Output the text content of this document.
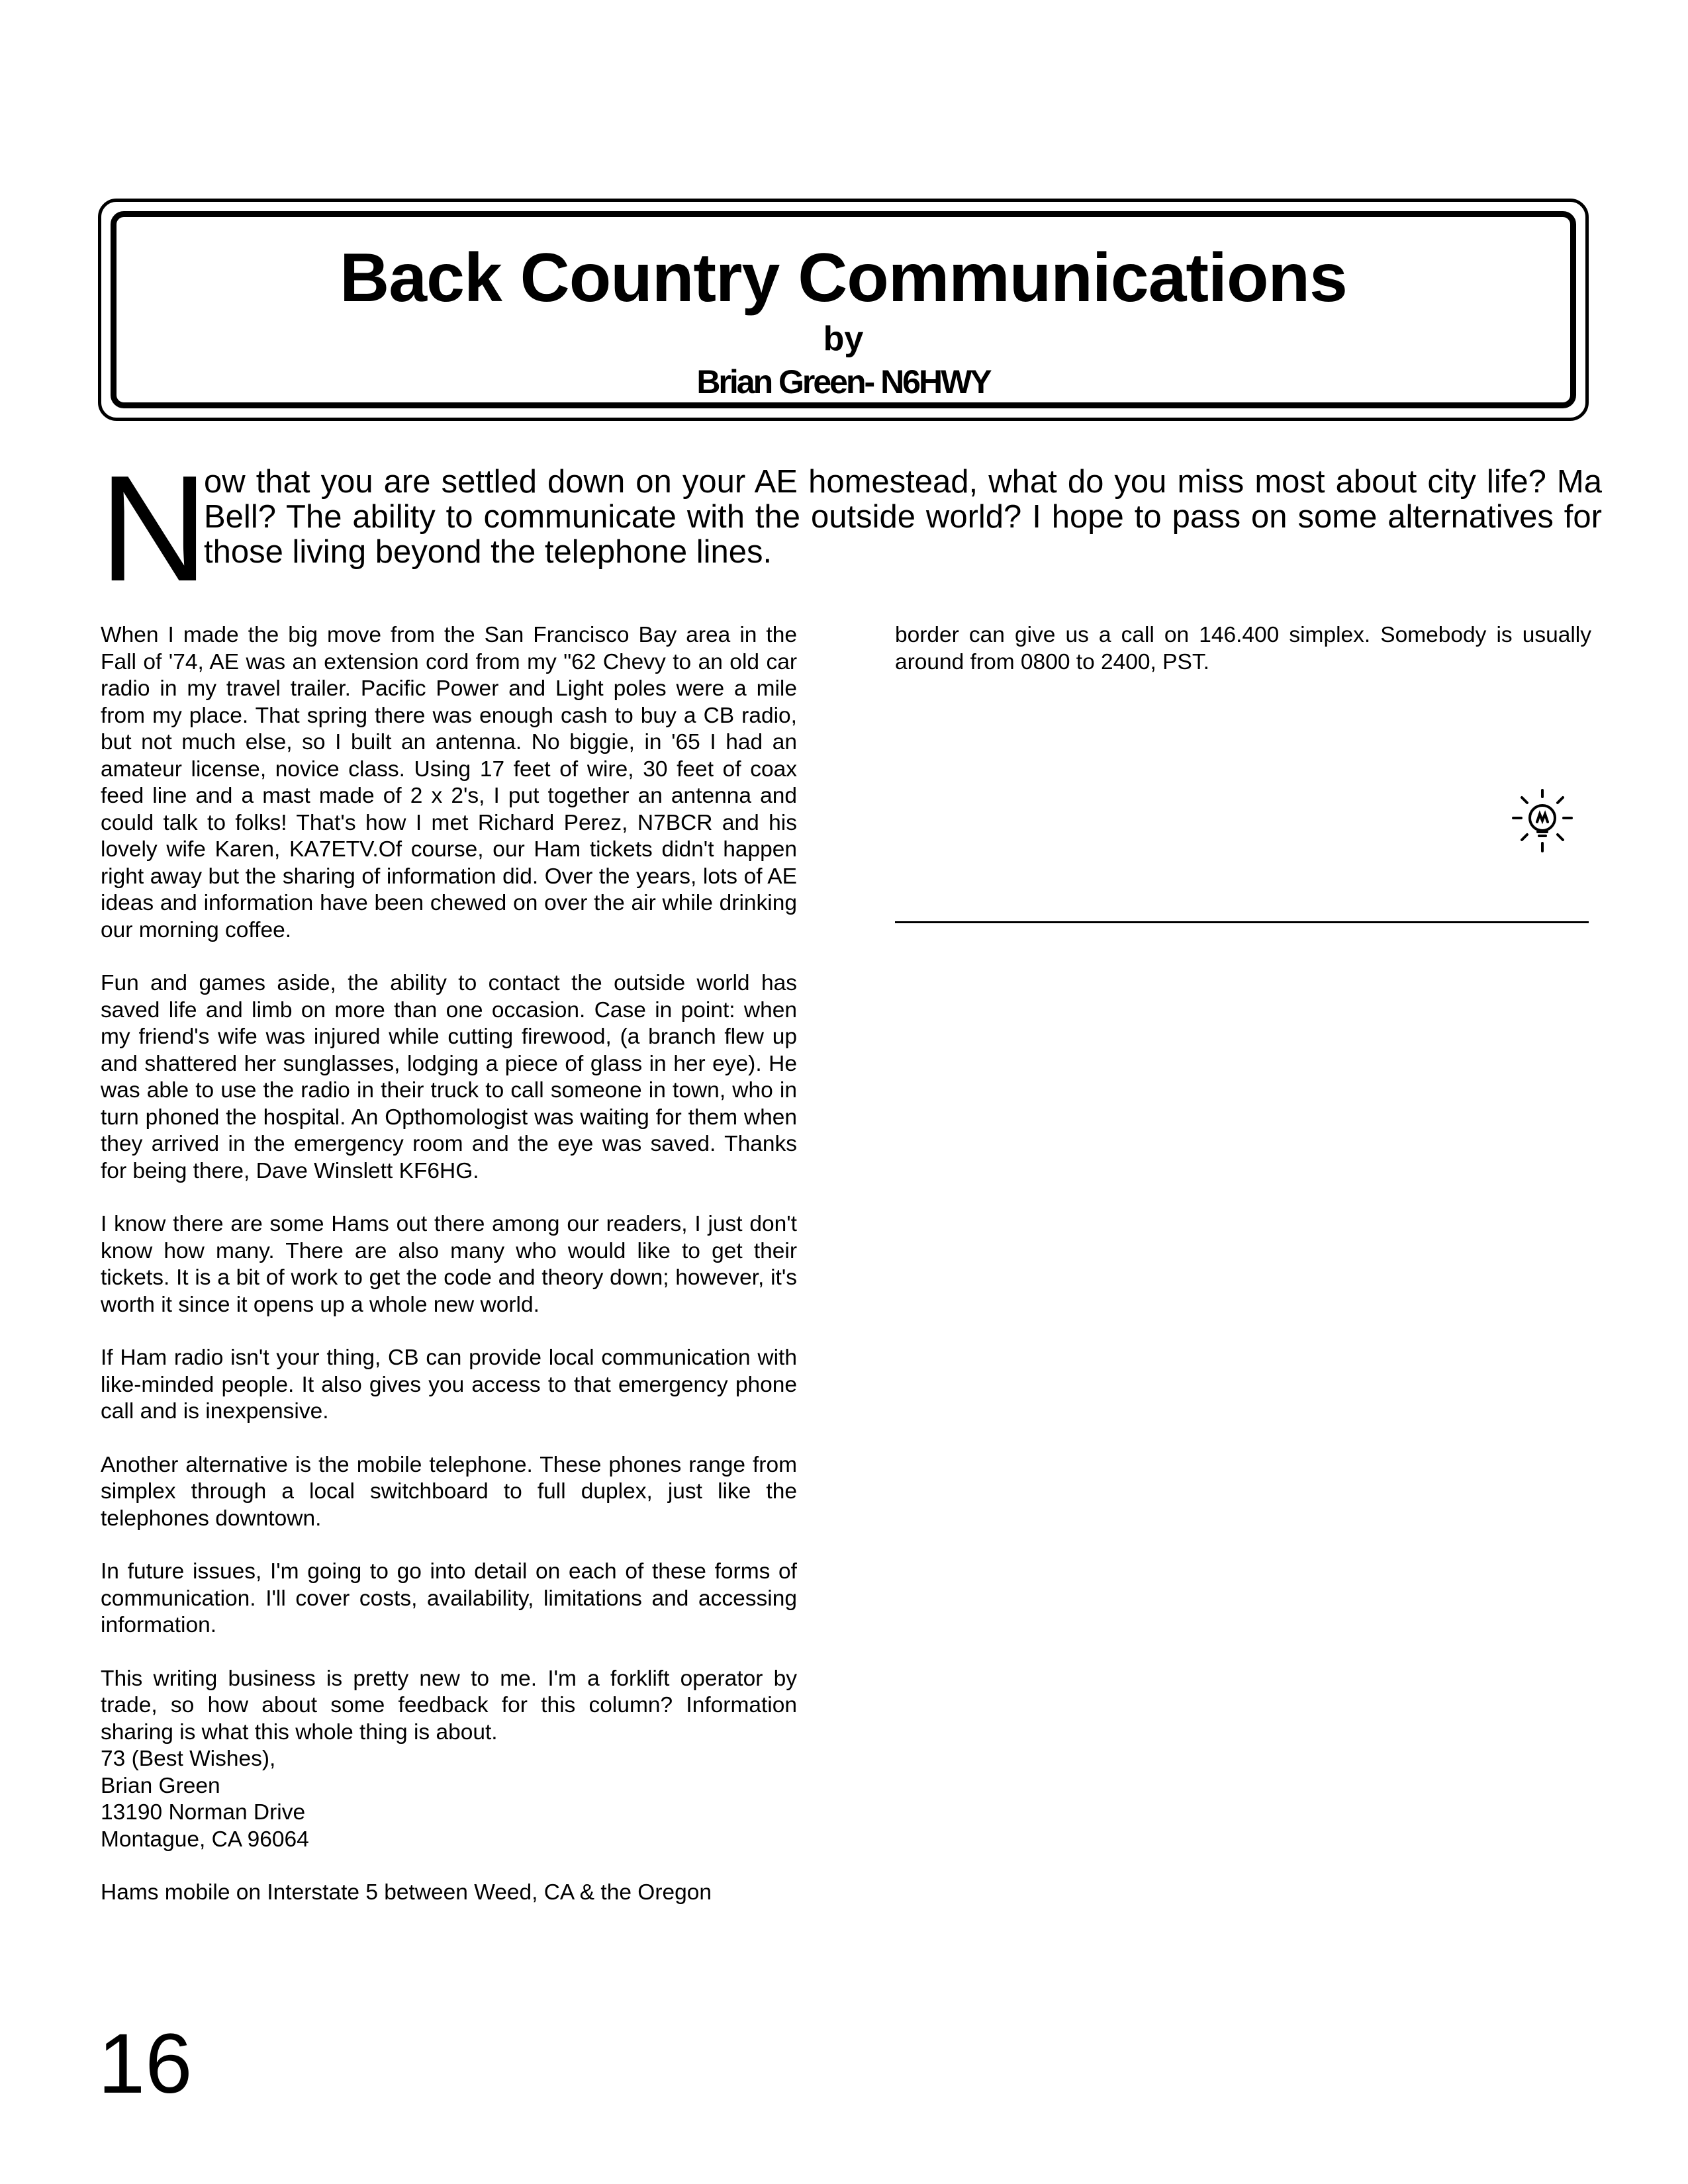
Back Country Communications
by
Brian Green- N6HWY
N
ow that you are settled down on your AE homestead, what do you miss most about city life? Ma Bell? The ability to communicate with the outside world? I hope to pass on some alternatives for those living beyond the telephone lines.

When I made the big move from the San Francisco Bay area in the Fall of '74, AE was an extension cord from my "62 Chevy to an old car radio in my travel trailer. Pacific Power and Light poles were a mile from my place. That spring there was enough cash to buy a CB radio, but not much else, so I built an antenna. No biggie, in '65 I had an amateur license, novice class. Using 17 feet of wire, 30 feet of coax feed line and a mast made of 2 x 2's, I put together an antenna and could talk to folks! That's how I met Richard Perez, N7BCR and his lovely wife Karen, KA7ETV.Of course, our Ham tickets didn't happen right away but the sharing of information did. Over the years, lots of AE ideas and information have been chewed on over the air while drinking our morning coffee.

Fun and games aside, the ability to contact the outside world has saved life and limb on more than one occasion. Case in point: when my friend's wife was injured while cutting firewood, (a branch flew up and shattered her sunglasses, lodging a piece of glass in her eye). He was able to use the radio in their truck to call someone in town, who in turn phoned the hospital. An Opthomologist was waiting for them when they arrived in the emergency room and the eye was saved. Thanks for being there, Dave Winslett KF6HG.

I know there are some Hams out there among our readers, I just don't know how many. There are also many who would like to get their tickets. It is a bit of work to get the code and theory down; however, it's worth it since it opens up a whole new world.

If Ham radio isn't your thing, CB can provide local communication with like-minded people. It also gives you access to that emergency phone call and is inexpensive.

Another alternative is the mobile telephone. These phones range from simplex through a local switchboard to full duplex, just like the telephones downtown.

In future issues, I'm going to go into detail on each of these forms of communication. I'll cover costs, availability, limitations and accessing information.

This writing business is pretty new to me. I'm a forklift operator by trade, so how about some feedback for this column? Information sharing is what this whole thing is about.

73 (Best Wishes),

Brian Green

13190 Norman Drive

Montague, CA 96064

Hams mobile on Interstate 5 between Weed, CA & the Oregon

border can give us a call on 146.400 simplex. Somebody is usually around from 0800 to 2400, PST.

16
